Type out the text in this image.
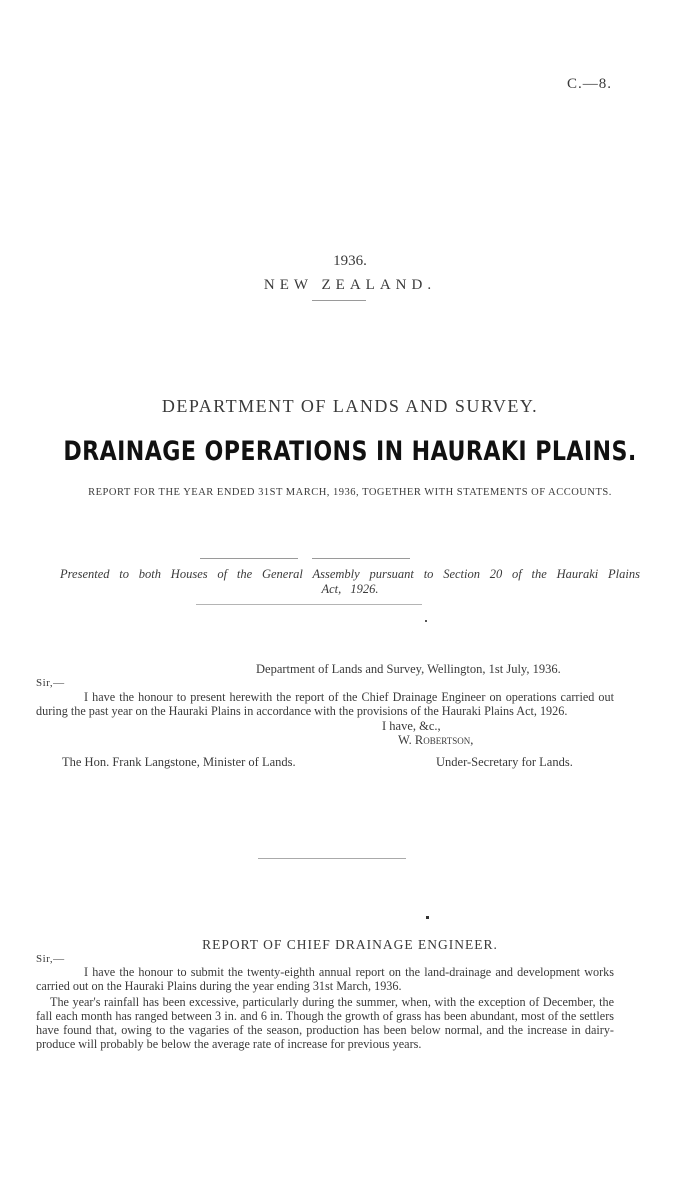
C.—8.
1936.
NEW ZEALAND.
DEPARTMENT OF LANDS AND SURVEY.
DRAINAGE OPERATIONS IN HAURAKI PLAINS.
REPORT FOR THE YEAR ENDED 31ST MARCH, 1936, TOGETHER WITH STATEMENTS OF ACCOUNTS.
Presented to both Houses of the General Assembly pursuant to Section 20 of the Hauraki Plains Act, 1926.
Department of Lands and Survey, Wellington, 1st July, 1936.
Sir,—

I have the honour to present herewith the report of the Chief Drainage Engineer on operations carried out during the past year on the Hauraki Plains in accordance with the provisions of the Hauraki Plains Act, 1926.

I have, &c.,
W. Robertson,
The Hon. Frank Langstone, Minister of Lands.	Under-Secretary for Lands.
REPORT OF CHIEF DRAINAGE ENGINEER.
Sir,—

I have the honour to submit the twenty-eighth annual report on the land-drainage and development works carried out on the Hauraki Plains during the year ending 31st March, 1936.

The year's rainfall has been excessive, particularly during the summer, when, with the exception of December, the fall each month has ranged between 3 in. and 6 in. Though the growth of grass has been abundant, most of the settlers have found that, owing to the vagaries of the season, production has been below normal, and the increase in dairy-produce will probably be below the average rate of increase for previous years.
